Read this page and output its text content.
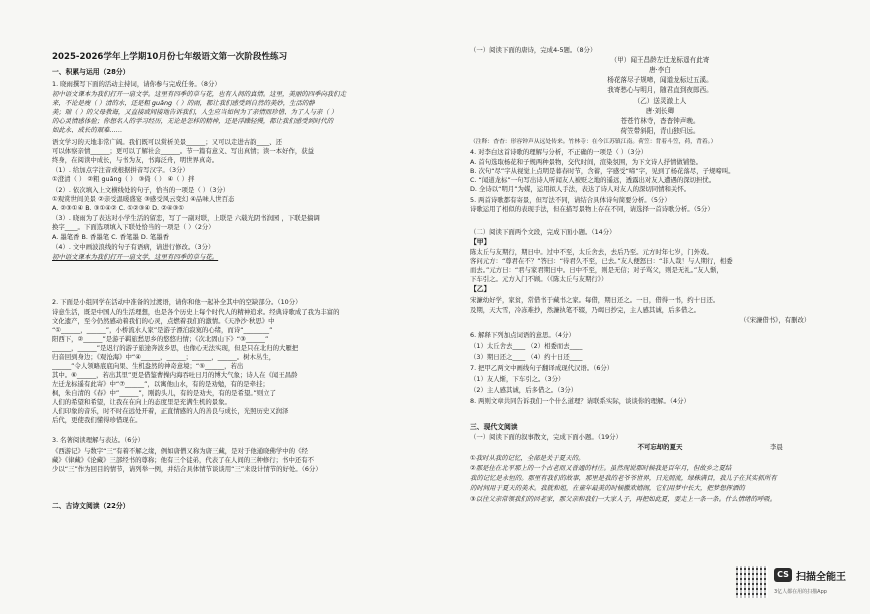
2025-2026学年上学期10月份七年级语文第一次阶段性练习
一、积累与运用（28分）
1. 晓雨撰写下面的活动主持词，请你参与完成任务。（8分）
初中语文课本为我们打开一扇文学。这里有四季的草与花，也有人间的真情。这里，美丽的四季向我们走
来，不论是瘦（ ）清的水，还是粗 guǎng（ ）的雨，都让我们感受到自然的美妙，生活的静
美；瑞（ ）的父母教诲，又直接或间接地告诉我们，人生应当如何为了亲情而珍惜、为了人与亲（ ）
的心灵情感体验；你想名人的学习经历，无论是怎样的精神，还是浮躁轻慢，都让我们感受到时代的
如此永、成长的艰难……
语文学习的天地非常广阔。我们既可以赏析美景______；又可以走进古韵____、还
可以体察亲情______；更可以了解社会______。节一篇有意义、写出真情；读一本好作，获益
终身，在阅读中成长，与书为友，书海泛舟，明世界真奇。
（1）. 给加点字注音或根据拼音写汉字。（3分）
①澄清（ ） ②粗 guǎng（ ） ③倚（ ） ④（ ）拌
（2）. 依次填入上文横线处的句子，恰当的一项是（ ）（3分）
①观赏世间美景 ②亲受温暖盛宴 ③感受风云变幻 ④品味人世百态
A. ②③①④ B. ③①④② C. ①②③④ D. ②④③①
（3）. 晓雨为了表达对小学生活的留恋，写了一副对联，上联是 六载光阴书润园 ，下联是搞调
换字____。下面选项填入下联处恰当的一项是（ ）（2分）
A. 墨笔香 B. 香墨笔 C. 香笔墨 D. 笔墨香
（4）. 文中画波浪线的句子有语病，请进行修改。（3分）
初中语文课本为我们打开一扇文学，这里有四季的草与花。
2. 下面是小组同学在活动中准备的过渡语，请你和他一起补全其中的空缺部分。（10分）
诗意生活，既是中国人的生活理想，也是各个历史上每个时代人的精神追求。经典诗歌成了我为丰富的
文化遗产，至今仍然感动着我们的心灵，点燃着我们的激情。《天净沙·秋思》中
“①______，______”，小桥流水人家”是游子漂泊寂寞的心绪，而诗“________”
阳西下，②______”是游子羁旅愁思乡的悠悠归情；《次北固山下》“③______”
______，______”是迟行的游子旅途奔波乡思，也像心无法实现，但是只在北归的大雁把
归音回到身边；《观沧海》中“④______，______；______，______。树木丛生，
______”令人领略底底向果、生机盎然的神奇意境；“⑤______，若出
其中。⑥______，若出其里”更是借鉴曹操内海吞吐日月的博大气象；诗人在《闻王昌龄
左迁龙标遥有此寄》中“⑦______”，以寓他山水，有的是劝勉，有的是牵挂；
枫，朱自清的《春》中”______”，刚韵头儿，有的是劝夫，有的是希望。”则立了
人们的希望和希望，让我在在向上的态度里是充满生机的景象。
人们印象的音乐，时不时在远处开着，正直情感的人的善良与成长，光照历史又润泽
后代，更使我们懂得珍惜现在。
3. 名著阅读理解与表达。（6分）
《西游记》与数字“三”有着不解之缘，例如唐僧又称为唐三藏，是对于他通晓佛学中的《经
藏》《律藏》《论藏》三部经书的尊称；他有三个徒弟，代表了在人间的三种修行；书中还有不
少以“三”作为回目的情节，请列举一例，并结合具体情节谈谈用“三”来设计情节的好处。（6分）
二、古诗文阅读（22分）
（一）阅读下面的唐诗，完成4-5题。（8分）
（甲）闻王昌龄左迁龙标遥有此寄
唐·李白
杨花落尽子规啼，闻道龙标过五溪。
我寄愁心与明月，随君直到夜郎西。
（乙）送灵澈上人
唐·刘长卿
苍苍竹林寺，杳杳钟声晚。
荷笠带斜阳，青山独归远。
（注释：杳杳：形容钟声从远处传来。竹林寺：在今江苏镇江南。荷笠：背着斗笠，荷，背着。）
4. 对李白这首诗歌的理解与分析，不正确的一项是（ ）（3分）
A. 首句选取杨花和子规两种景物，交代时间，渲染氛围，为下文诗人抒情做铺垫。
B. 次句“尽”字从视觉上点明是暮春时节，含蓄，字感受“啼”字，见到了杨花落尽，子规啼叫。
C. “闻道龙标”一句写出诗人听闻友人被贬之地的遥远，透露出对友人遭遇的深切担忧。
D. 全诗以“明月”为媒，运用拟人手法，表达了诗人对友人的深切同情和关怀。
5. 两首诗歌都有寄景，但写法不同，请结合具体诗句简要分析。（5分）
诗歌运用了相似的表现手法，但在描写景物上存在不同，请选择一首诗歌分析。（5分）
（二）阅读下面两个文段，完成下面小题。（14分）
【甲】
陈太丘与友期行，期日中。过中不至，太丘舍去，去后乃至。元方时年七岁，门外戏。
客问元方：“尊君在不？”答曰：“待君久不至，已去。”友人便怒曰：“非人哉！与人期行，相委
而去。”元方曰：“君与家君期日中。日中不至，则是无信；对子骂父，则是无礼。”友人惭，
下车引之。元方入门不顾。（《陈太丘与友期行》）
【乙】
宋濂幼好学，家贫，常借书于藏书之家。每借，期日还之。一日，借得一书，约十日还。
及期，天大雪，冷冻难抄，然濂执笔不辍，乃竭日抄完，主人感其诚，后多借之。
（《宋濂借书》，有删改）
6. 解释下列加点词语的意思。（4分）
（1）太丘舍去____ （2）相委而去____
（3）期日还之____ （4）约十日还____
7. 把甲乙两文中画线句子翻译成现代汉语。（6分）
（1）友人惭，下车引之。（3分）
（2）主人感其诚，后多借之。（3分）
8. 两则文章共同告诉我们一个什么道理？请联系实际，谈谈你的理解。（4分）
三、现代文阅读
（一）阅读下面的叙事散文，完成下面小题。（19分）
不可忘却的夏天	李晨
①我时从我的记忆，全部是关于夏天的。
②那是住在北平那上的一个古老而又普通的村庄。虽然现说那时候我是百年月，但故乡之夏结
我的记忆是永恒的。那里有我们的故事，那里是我的老爷爷世界，日光照流，绿株满目，我儿子在其实抓所有
的时间用于夏天的美术。我就和姐，在童年最美的时候撒欢嬉闹，它们用梦中长大，把梦想挥洒的
③以往父亲常领我们的回老家，那父亲和我们一大家人子，再把如此夏，要走上一条一条。什么情绪的呼吸。
CS 扫描全能王
3亿人都在用的扫描App
